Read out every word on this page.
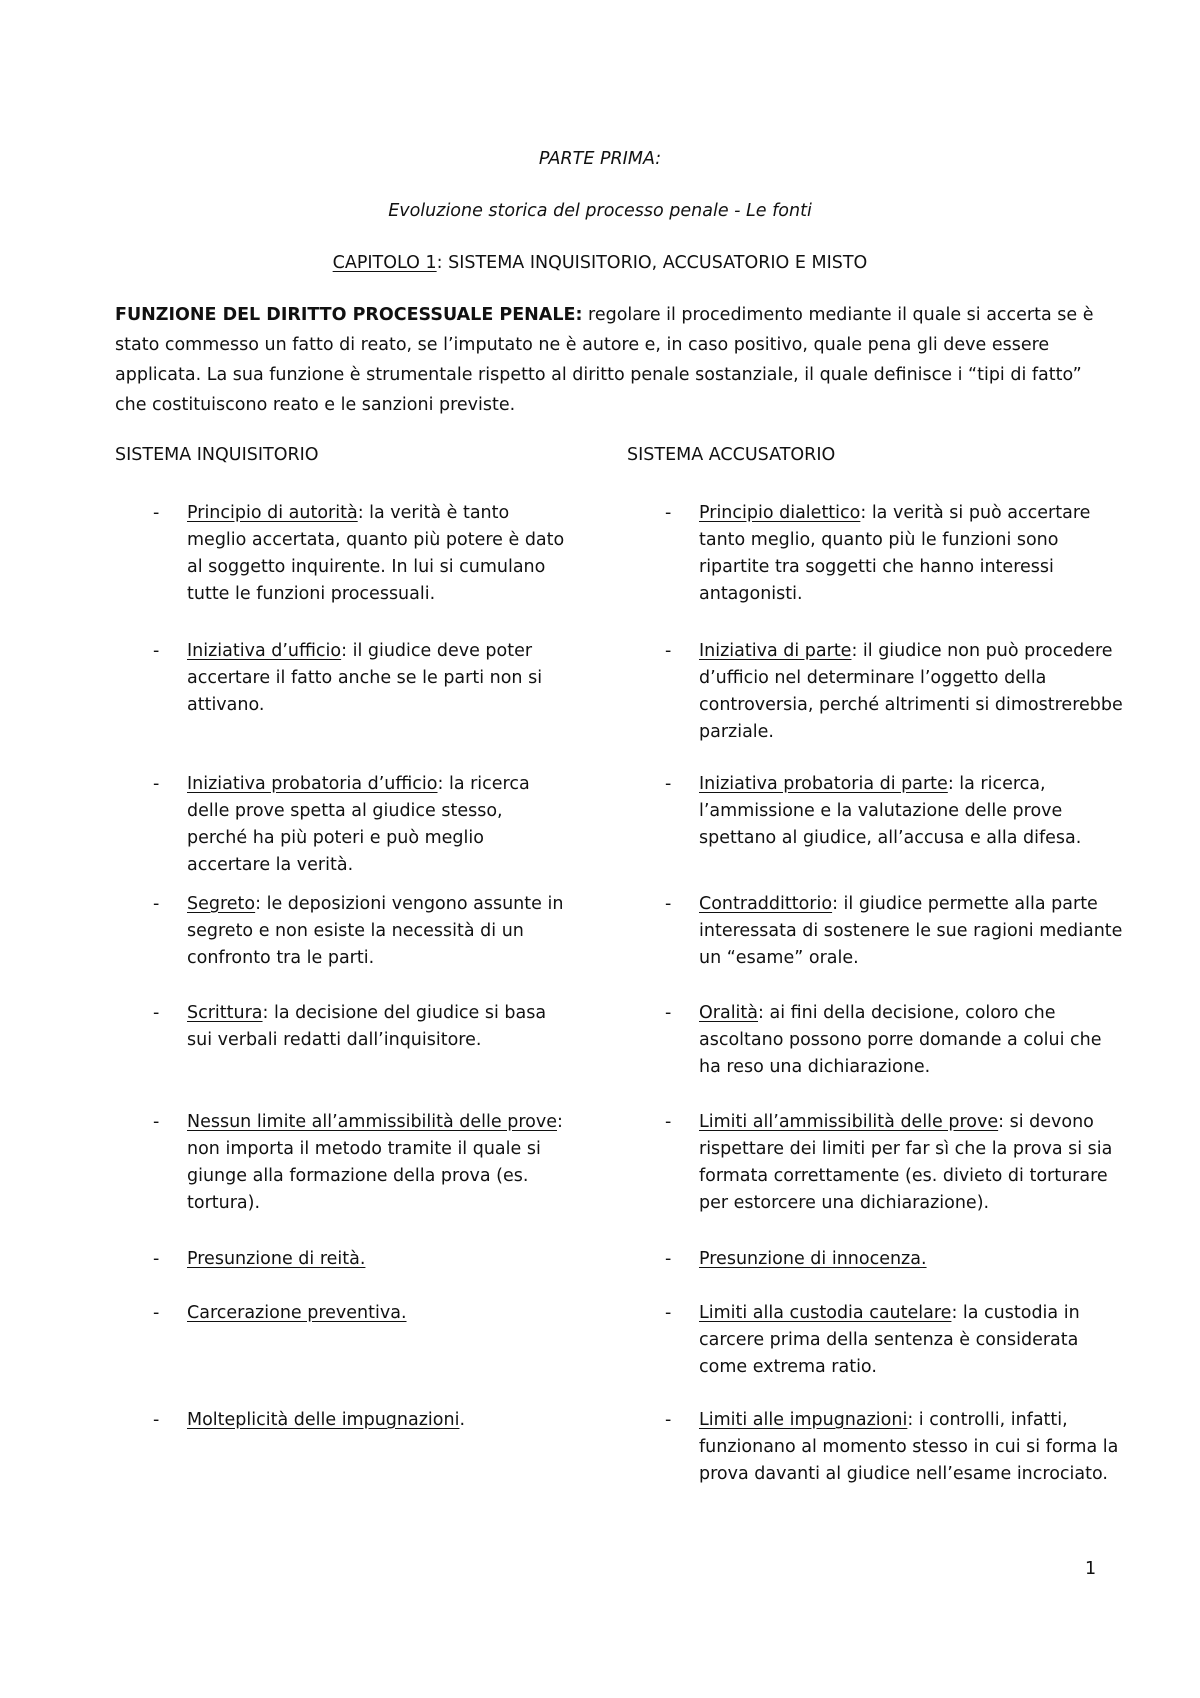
PARTE PRIMA:
Evoluzione storica del processo penale - Le fonti
CAPITOLO 1: SISTEMA INQUISITORIO, ACCUSATORIO E MISTO

FUNZIONE DEL DIRITTO PROCESSUALE PENALE: regolare il procedimento mediante il quale si accerta se è stato commesso un fatto di reato, se l’imputato ne è autore e, in caso positivo, quale pena gli deve essere applicata. La sua funzione è strumentale rispetto al diritto penale sostanziale, il quale definisce i “tipi di fatto” che costituiscono reato e le sanzioni previste.

SISTEMA INQUISITORIO
- Principio di autorità: la verità è tanto meglio accertata, quanto più potere è dato al soggetto inquirente. In lui si cumulano tutte le funzioni processuali.

- Iniziativa d’ufficio: il giudice deve poter accertare il fatto anche se le parti non si attivano.

- Iniziativa probatoria d’ufficio: la ricerca delle prove spetta al giudice stesso, perché ha più poteri e può meglio accertare la verità.

- Segreto: le deposizioni vengono assunte in segreto e non esiste la necessità di un confronto tra le parti.

- Scrittura: la decisione del giudice si basa sui verbali redatti dall’inquisitore.

- Nessun limite all’ammissibilità delle prove: non importa il metodo tramite il quale si giunge alla formazione della prova (es. tortura).

- Presunzione di reità.

- Carcerazione preventiva.

- Molteplicità delle impugnazioni.

SISTEMA ACCUSATORIO
- Principio dialettico: la verità si può accertare tanto meglio, quanto più le funzioni sono ripartite tra soggetti che hanno interessi antagonisti.

- Iniziativa di parte: il giudice non può procedere d’ufficio nel determinare l’oggetto della controversia, perché altrimenti si dimostrerebbe parziale.

- Iniziativa probatoria di parte: la ricerca, l’ammissione e la valutazione delle prove spettano al giudice, all’accusa e alla difesa.

- Contraddittorio: il giudice permette alla parte interessata di sostenere le sue ragioni mediante un “esame” orale.

- Oralità: ai fini della decisione, coloro che ascoltano possono porre domande a colui che ha reso una dichiarazione.

- Limiti all’ammissibilità delle prove: si devono rispettare dei limiti per far sì che la prova si sia formata correttamente (es. divieto di torturare per estorcere una dichiarazione).

- Presunzione di innocenza.

- Limiti alla custodia cautelare: la custodia in carcere prima della sentenza è considerata come extrema ratio.

- Limiti alle impugnazioni: i controlli, infatti, funzionano al momento stesso in cui si forma la prova davanti al giudice nell’esame incrociato.

1
